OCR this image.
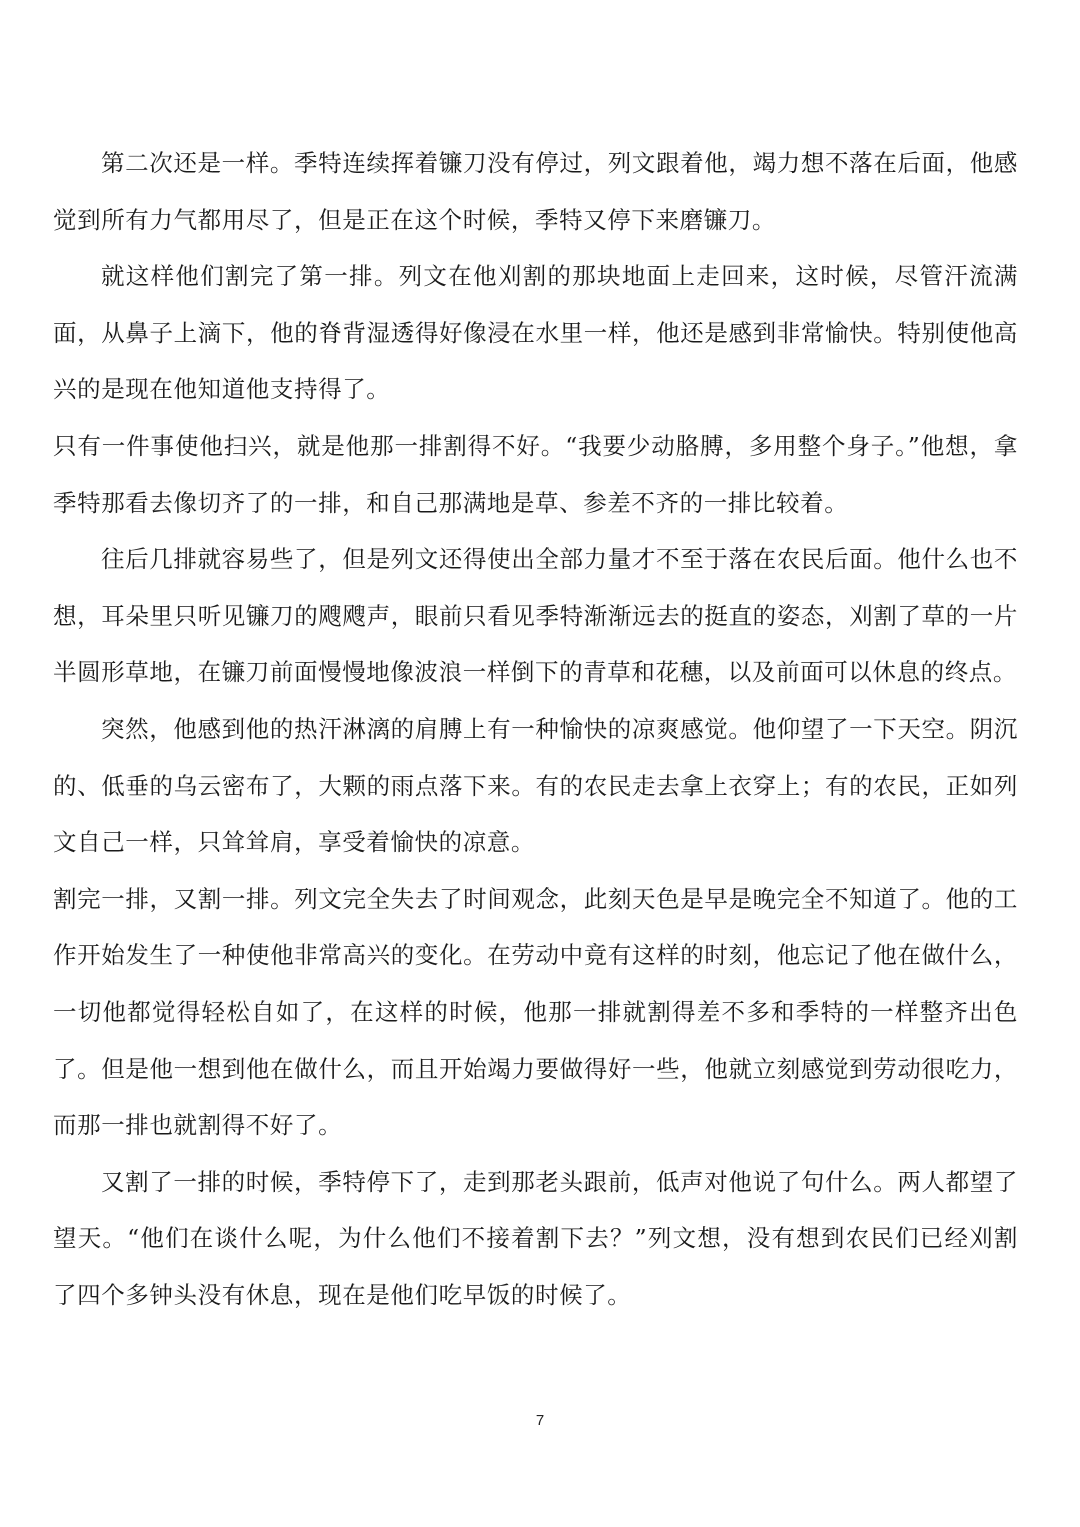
第二次还是一样。季特连续挥着镰刀没有停过，列文跟着他，竭力想不落在后面，他感觉到所有力气都用尽了，但是正在这个时候，季特又停下来磨镰刀。

就这样他们割完了第一排。列文在他刈割的那块地面上走回来，这时候，尽管汗流满面，从鼻子上滴下，他的脊背湿透得好像浸在水里一样，他还是感到非常愉快。特别使他高兴的是现在他知道他支持得了。

只有一件事使他扫兴，就是他那一排割得不好。“我要少动胳膊，多用整个身子。”他想，拿季特那看去像切齐了的一排，和自己那满地是草、参差不齐的一排比较着。

往后几排就容易些了，但是列文还得使出全部力量才不至于落在农民后面。他什么也不想，耳朵里只听见镰刀的飕飕声，眼前只看见季特渐渐远去的挺直的姿态，刈割了草的一片半圆形草地，在镰刀前面慢慢地像波浪一样倒下的青草和花穗，以及前面可以休息的终点。

突然，他感到他的热汗淋漓的肩膊上有一种愉快的凉爽感觉。他仰望了一下天空。阴沉的、低垂的乌云密布了，大颗的雨点落下来。有的农民走去拿上衣穿上；有的农民，正如列文自己一样，只耸耸肩，享受着愉快的凉意。

割完一排，又割一排。列文完全失去了时间观念，此刻天色是早是晚完全不知道了。他的工作开始发生了一种使他非常高兴的变化。在劳动中竟有这样的时刻，他忘记了他在做什么，一切他都觉得轻松自如了，在这样的时候，他那一排就割得差不多和季特的一样整齐出色了。但是他一想到他在做什么，而且开始竭力要做得好一些，他就立刻感觉到劳动很吃力，而那一排也就割得不好了。

又割了一排的时候，季特停下了，走到那老头跟前，低声对他说了句什么。两人都望了望天。“他们在谈什么呢，为什么他们不接着割下去？”列文想，没有想到农民们已经刈割了四个多钟头没有休息，现在是他们吃早饭的时候了。

7
